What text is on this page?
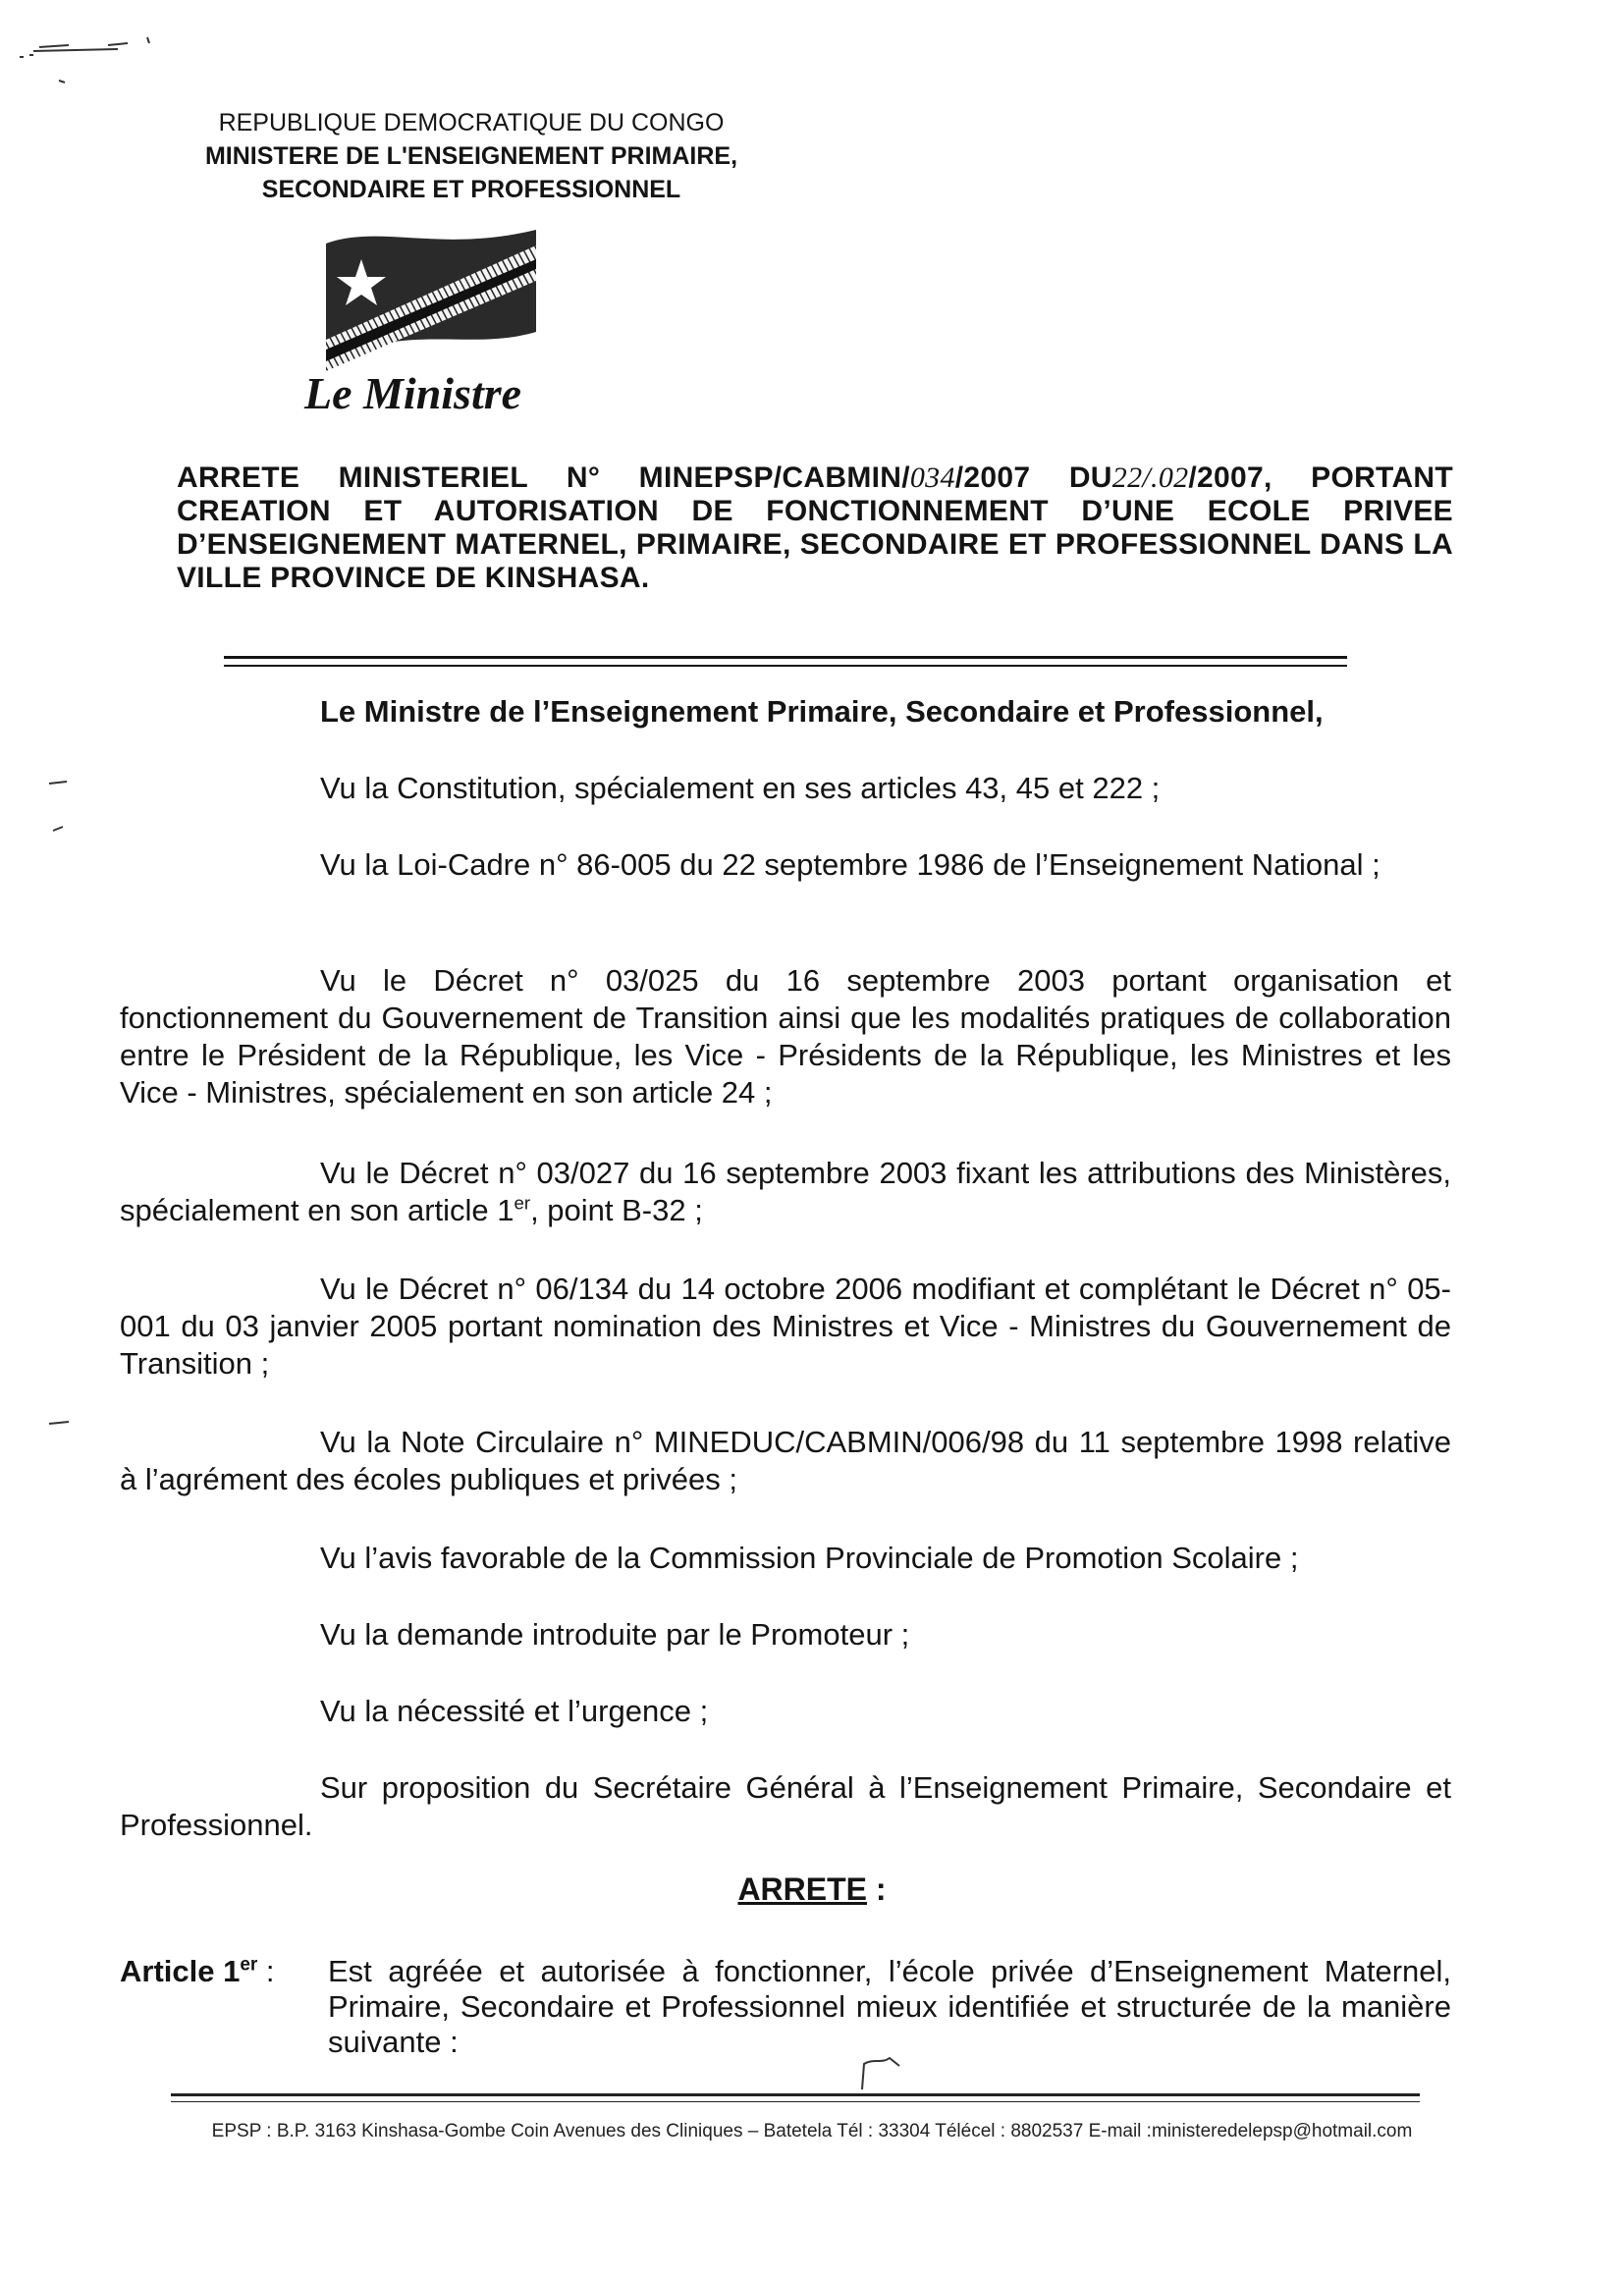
REPUBLIQUE DEMOCRATIQUE DU CONGO
MINISTERE DE L'ENSEIGNEMENT PRIMAIRE,
SECONDAIRE ET PROFESSIONNEL
Le Ministre
ARRETE MINISTERIEL N° MINEPSP/CABMIN/034/2007 DU22/.02/2007, PORTANT CREATION ET AUTORISATION DE FONCTIONNEMENT D’UNE ECOLE PRIVEE D’ENSEIGNEMENT MATERNEL, PRIMAIRE, SECONDAIRE ET PROFESSIONNEL DANS LA VILLE PROVINCE DE KINSHASA.
Le Ministre de l’Enseignement Primaire, Secondaire et Professionnel,
Vu la Constitution, spécialement en ses articles 43, 45 et 222 ;
Vu la Loi-Cadre n° 86-005 du 22 septembre 1986 de l’Enseignement National ;
Vu le Décret n° 03/025 du 16 septembre 2003 portant organisation et fonctionnement du Gouvernement de Transition ainsi que les modalités pratiques de collaboration entre le Président de la République, les Vice - Présidents de la République, les Ministres et les Vice - Ministres, spécialement en son article 24 ;
Vu le Décret n° 03/027 du 16 septembre 2003 fixant les attributions des Ministères, spécialement en son article 1er, point B-32 ;
Vu le Décret n° 06/134 du 14 octobre 2006 modifiant et complétant le Décret n° 05-001 du 03 janvier 2005 portant nomination des Ministres et Vice - Ministres du Gouvernement de Transition ;
Vu la Note Circulaire n° MINEDUC/CABMIN/006/98 du 11 septembre 1998 relative à l’agrément des écoles publiques et privées ;
Vu l’avis favorable de la Commission Provinciale de Promotion Scolaire ;
Vu la demande introduite par le Promoteur ;
Vu la nécessité et l’urgence ;
Sur proposition du Secrétaire Général à l’Enseignement Primaire, Secondaire et Professionnel.
ARRETE :
Article 1er : Est agréée et autorisée à fonctionner, l’école privée d’Enseignement Maternel, Primaire, Secondaire et Professionnel mieux identifiée et structurée de la manière suivante :
EPSP : B.P. 3163 Kinshasa-Gombe Coin Avenues des Cliniques – Batetela Tél : 33304 Télécel : 8802537 E-mail :ministeredelepsp@hotmail.com
